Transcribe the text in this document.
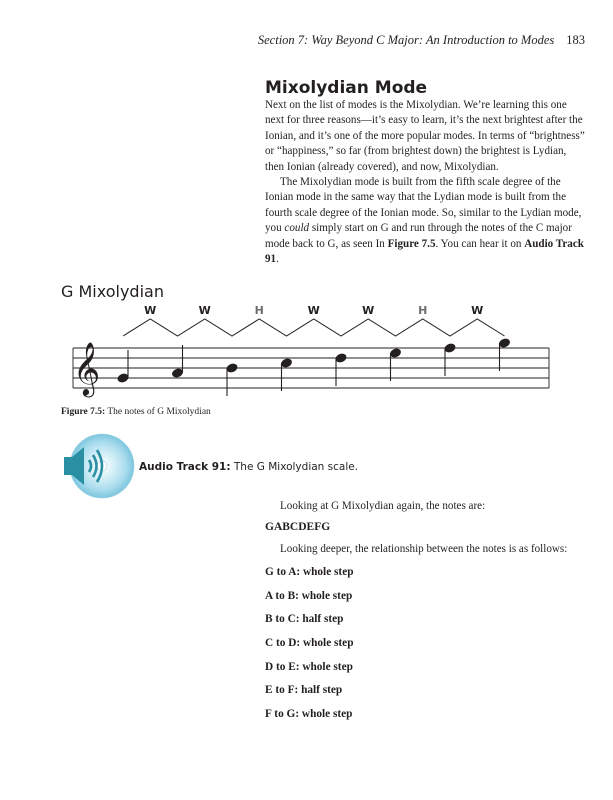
Section 7: Way Beyond C Major: An Introduction to Modes 183
Mixolydian Mode

Next on the list of modes is the Mixolydian. We’re learning this one next for three reasons—it’s easy to learn, it’s the next brightest after the Ionian, and it’s one of the more popular modes. In terms of “brightness” or “happiness,” so far (from brightest down) the brightest is Lydian, then Ionian (already covered), and now, Mixolydian.

The Mixolydian mode is built from the fifth scale degree of the Ionian mode in the same way that the Lydian mode is built from the fourth scale degree of the Ionian mode. So, similar to the Lydian mode, you could simply start on G and run through the notes of the C major mode back to G, as seen In Figure 7.5. You can hear it on Audio Track 91.

G Mixolydian
W	W	H	W	W	H	W
𝄞
Figure 7.5: The notes of G Mixolydian
Audio Track 91: The G Mixolydian scale.

Looking at G Mixolydian again, the notes are:

GABCDEFG

Looking deeper, the relationship between the notes is as follows:

G to A: whole step

A to B: whole step

B to C: half step

C to D: whole step

D to E: whole step

E to F: half step

F to G: whole step
